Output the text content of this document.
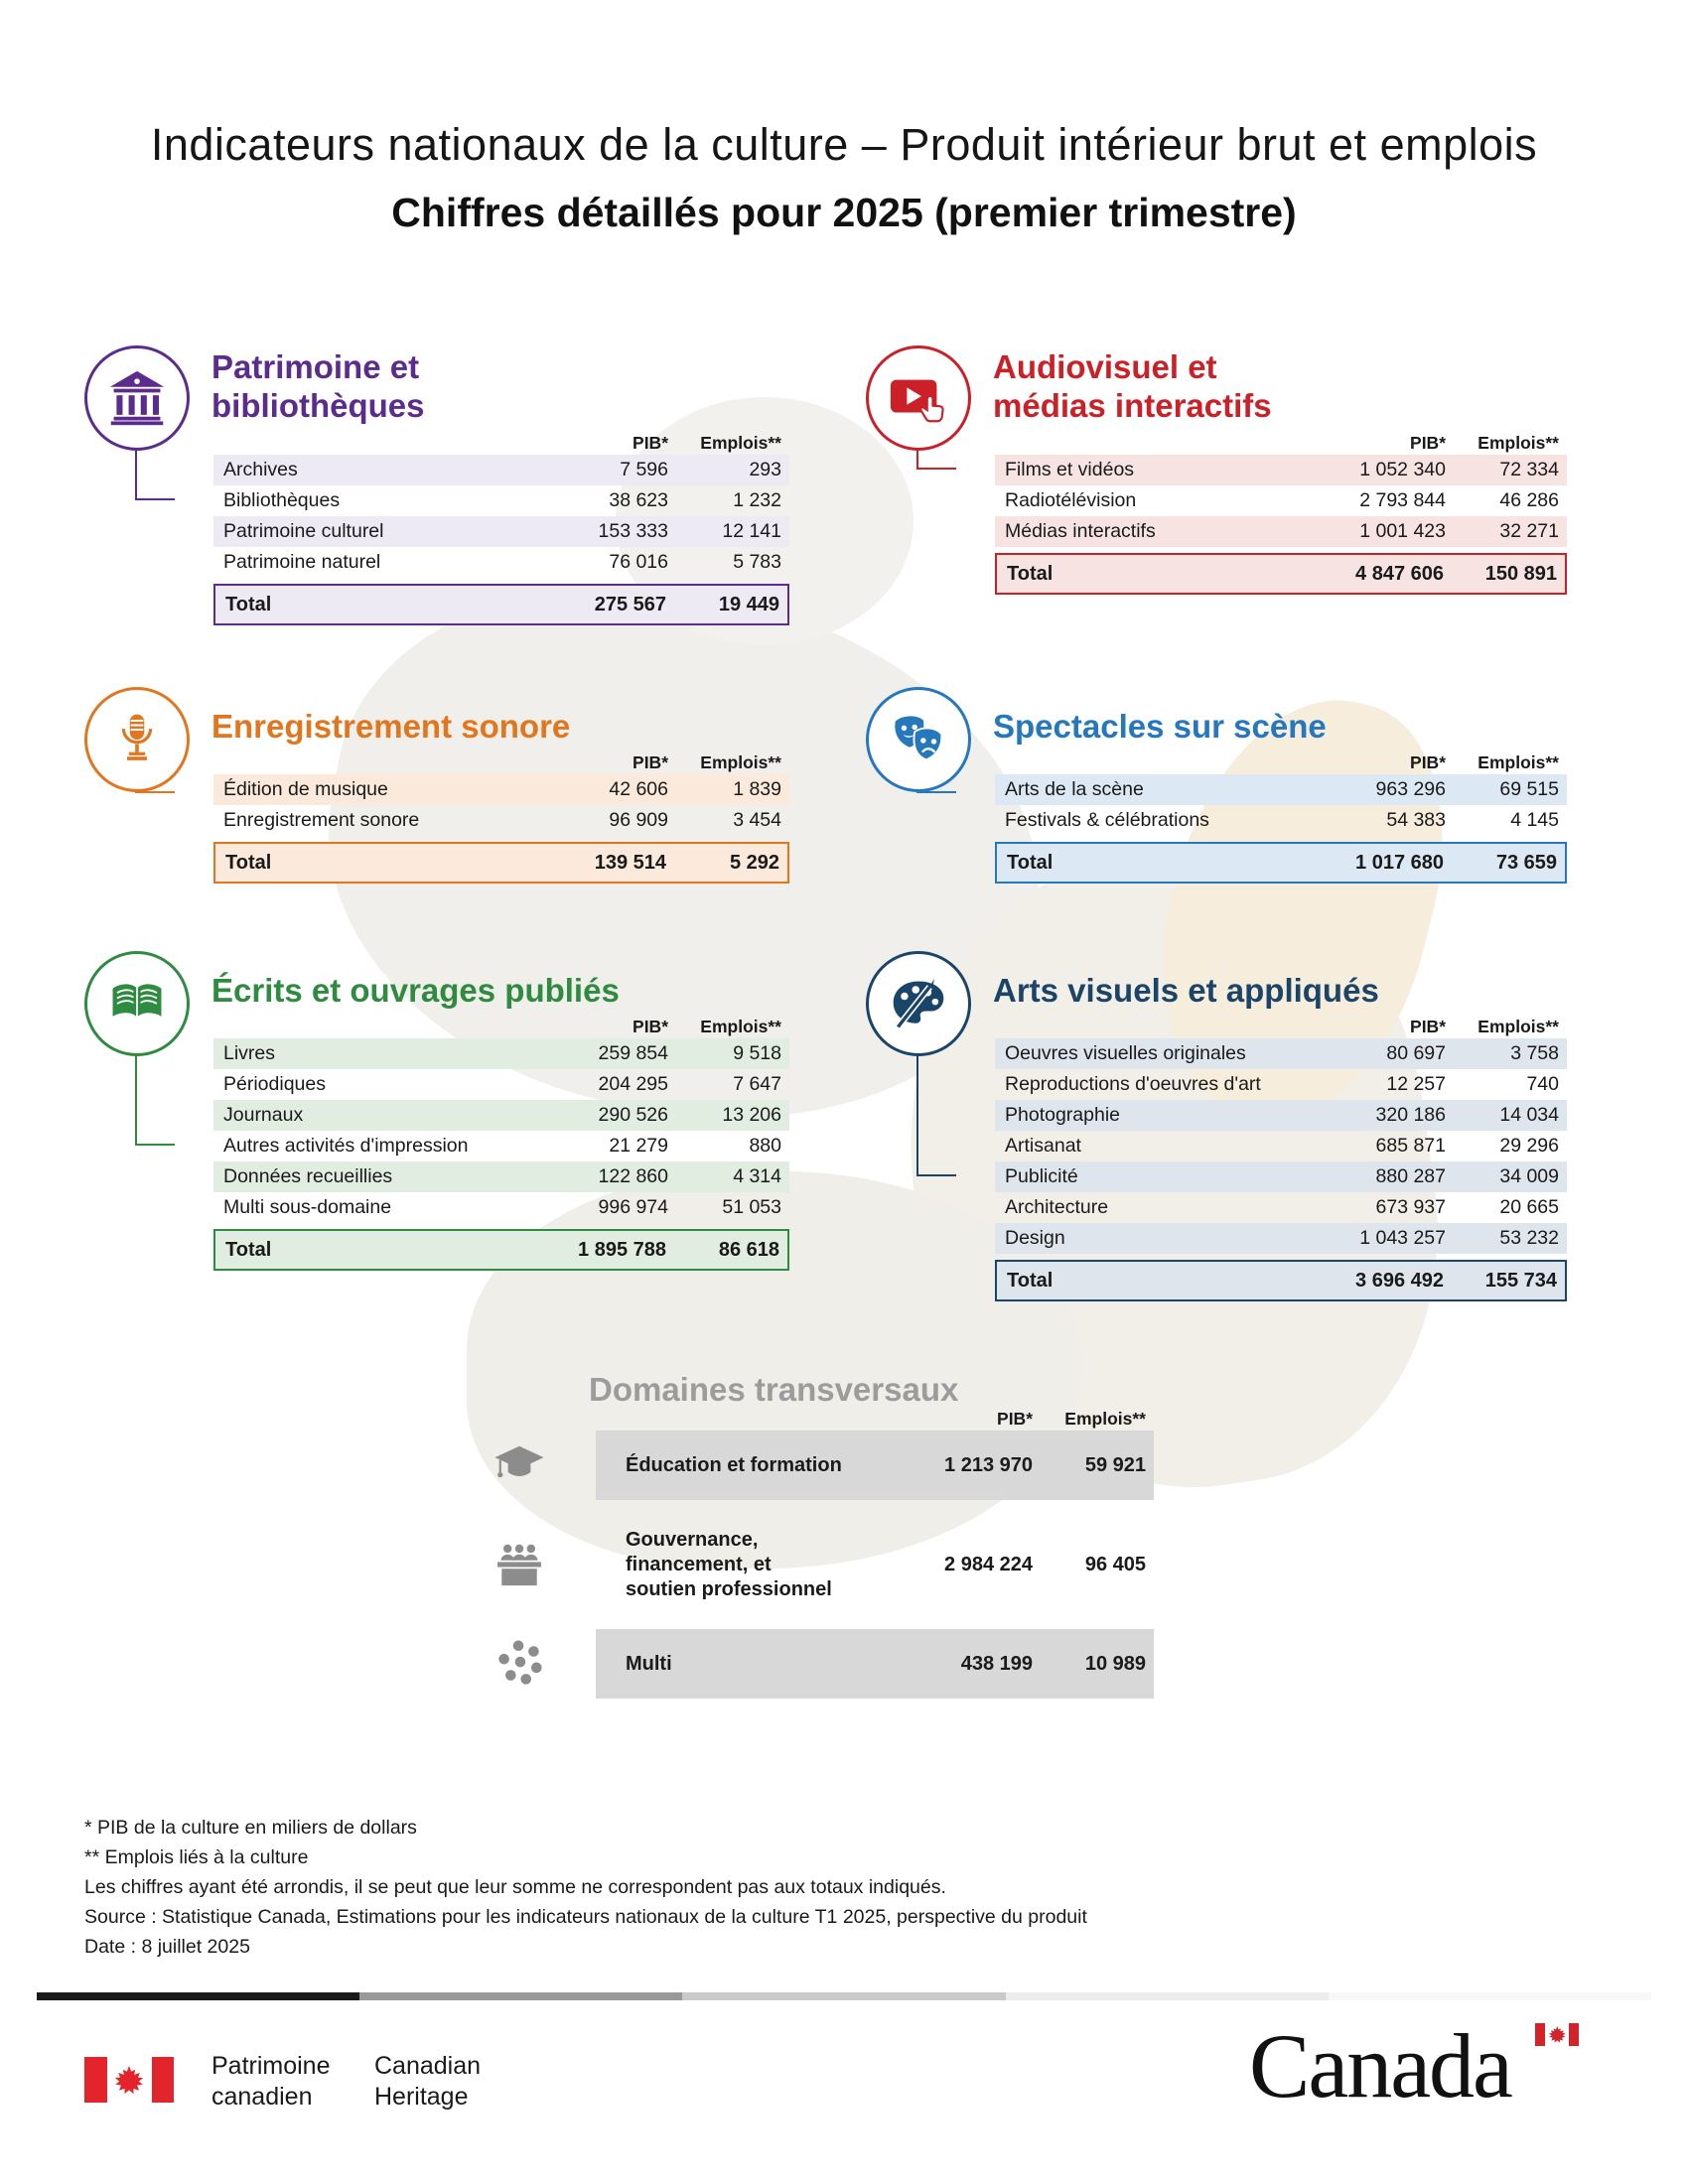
Indicateurs nationaux de la culture – Produit intérieur brut et emplois
Chiffres détaillés pour 2025 (premier trimestre)
Patrimoine et
bibliothèques
PIB*	Emplois**
Archives	7 596	293
Bibliothèques	38 623	1 232
Patrimoine culturel	153 333	12 141
Patrimoine naturel	76 016	5 783
Total	275 567	19 449
Audiovisuel et
médias interactifs
PIB*	Emplois**
Films et vidéos	1 052 340	72 334
Radiotélévision	2 793 844	46 286
Médias interactifs	1 001 423	32 271
Total	4 847 606	150 891
Enregistrement sonore
PIB*	Emplois**
Édition de musique	42 606	1 839
Enregistrement sonore	96 909	3 454
Total	139 514	5 292
Spectacles sur scène
PIB*	Emplois**
Arts de la scène	963 296	69 515
Festivals & célébrations	54 383	4 145
Total	1 017 680	73 659
Écrits et ouvrages publiés
PIB*	Emplois**
Livres	259 854	9 518
Périodiques	204 295	7 647
Journaux	290 526	13 206
Autres activités d'impression	21 279	880
Données recueillies	122 860	4 314
Multi sous-domaine	996 974	51 053
Total	1 895 788	86 618
Arts visuels et appliqués
PIB*	Emplois**
Oeuvres visuelles originales	80 697	3 758
Reproductions d'oeuvres d'art	12 257	740
Photographie	320 186	14 034
Artisanat	685 871	29 296
Publicité	880 287	34 009
Architecture	673 937	20 665
Design	1 043 257	53 232
Total	3 696 492	155 734
Domaines transversaux
PIB*	Emplois**
Éducation et formation	1 213 970	59 921
Gouvernance,
financement, et
soutien professionnel
2 984 224	96 405
Multi	438 199	10 989

* PIB de la culture en miliers de dollars

** Emplois liés à la culture

Les chiffres ayant été arrondis, il se peut que leur somme ne correspondent pas aux totaux indiqués.

Source : Statistique Canada, Estimations pour les indicateurs nationaux de la culture T1 2025, perspective du produit

Date : 8 juillet 2025

Patrimoine
canadien
Canadian
Heritage	Canada
